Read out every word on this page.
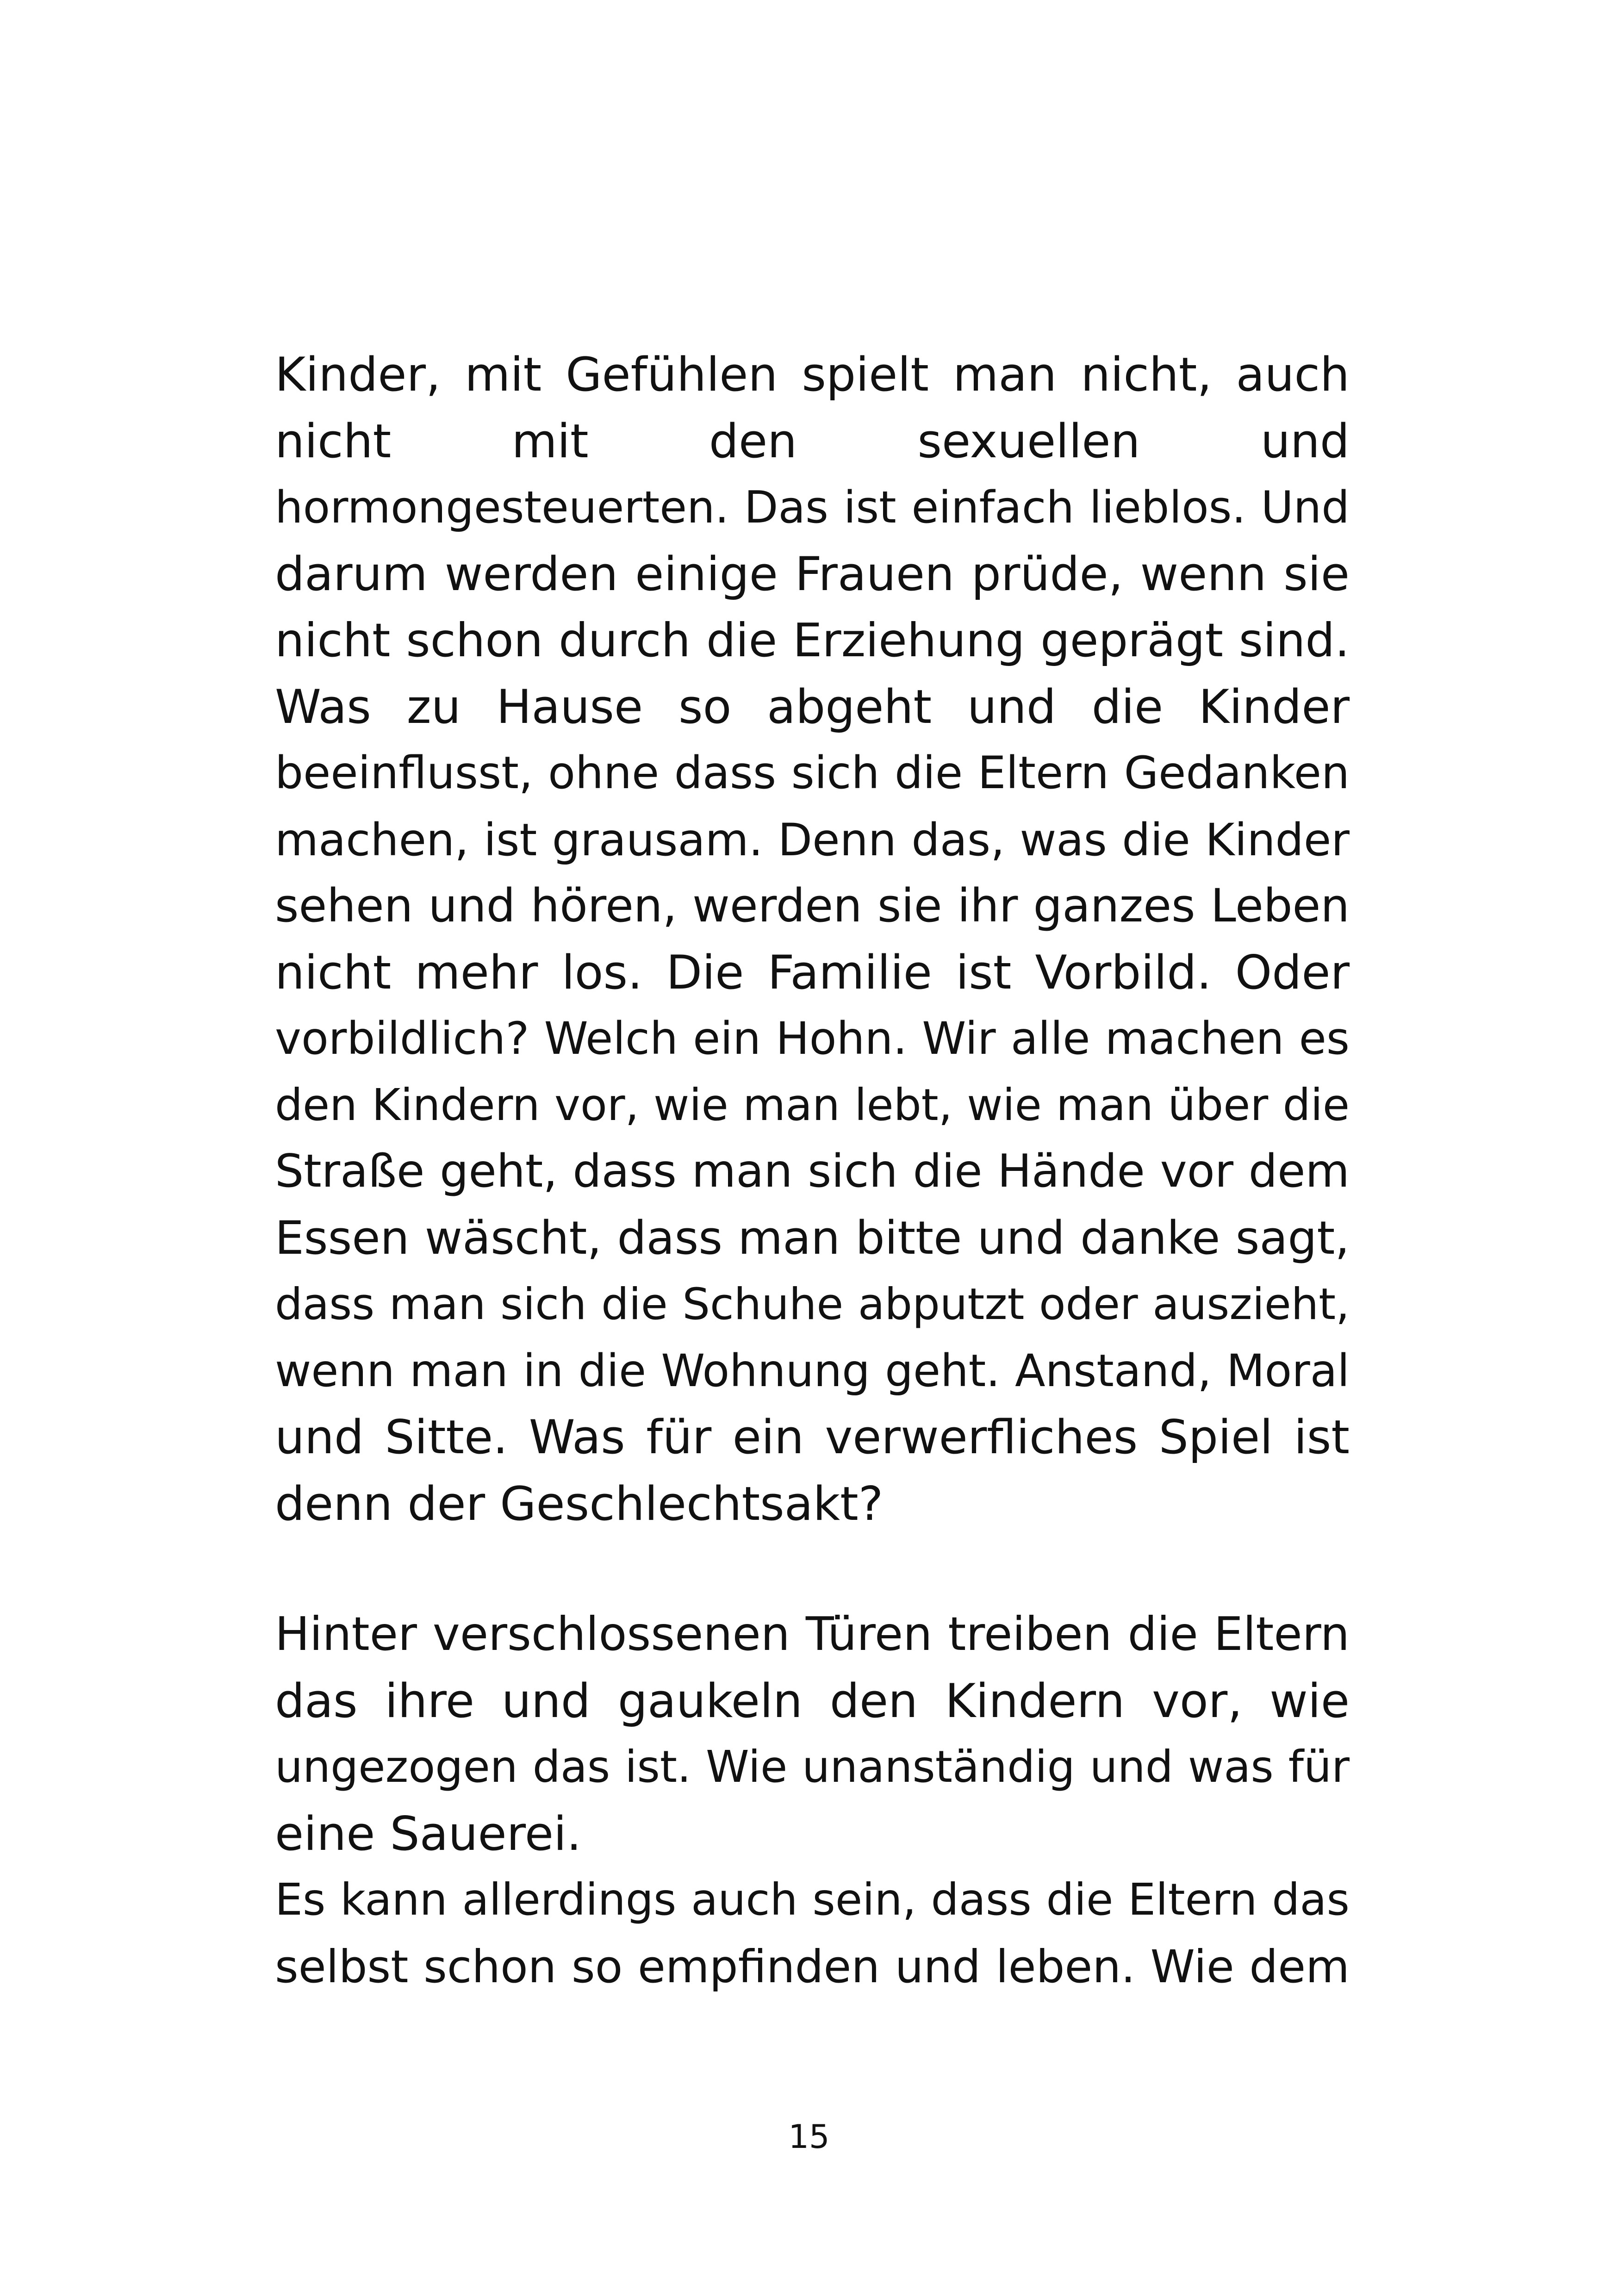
Kinder, mit Gefühlen spielt man nicht, auch
nicht mit den sexuellen und
hormongesteuerten. Das ist einfach lieblos. Und
darum werden einige Frauen prüde, wenn sie
nicht schon durch die Erziehung geprägt sind.
Was zu Hause so abgeht und die Kinder
beeinflusst, ohne dass sich die Eltern Gedanken
machen, ist grausam. Denn das, was die Kinder
sehen und hören, werden sie ihr ganzes Leben
nicht mehr los. Die Familie ist Vorbild. Oder
vorbildlich? Welch ein Hohn. Wir alle machen es
den Kindern vor, wie man lebt, wie man über die
Straße geht, dass man sich die Hände vor dem
Essen wäscht, dass man bitte und danke sagt,
dass man sich die Schuhe abputzt oder auszieht,
wenn man in die Wohnung geht. Anstand, Moral
und Sitte. Was für ein verwerfliches Spiel ist
denn der Geschlechtsakt?
Hinter verschlossenen Türen treiben die Eltern
das ihre und gaukeln den Kindern vor, wie
ungezogen das ist. Wie unanständig und was für
eine Sauerei.
Es kann allerdings auch sein, dass die Eltern das
selbst schon so empfinden und leben. Wie dem
15
